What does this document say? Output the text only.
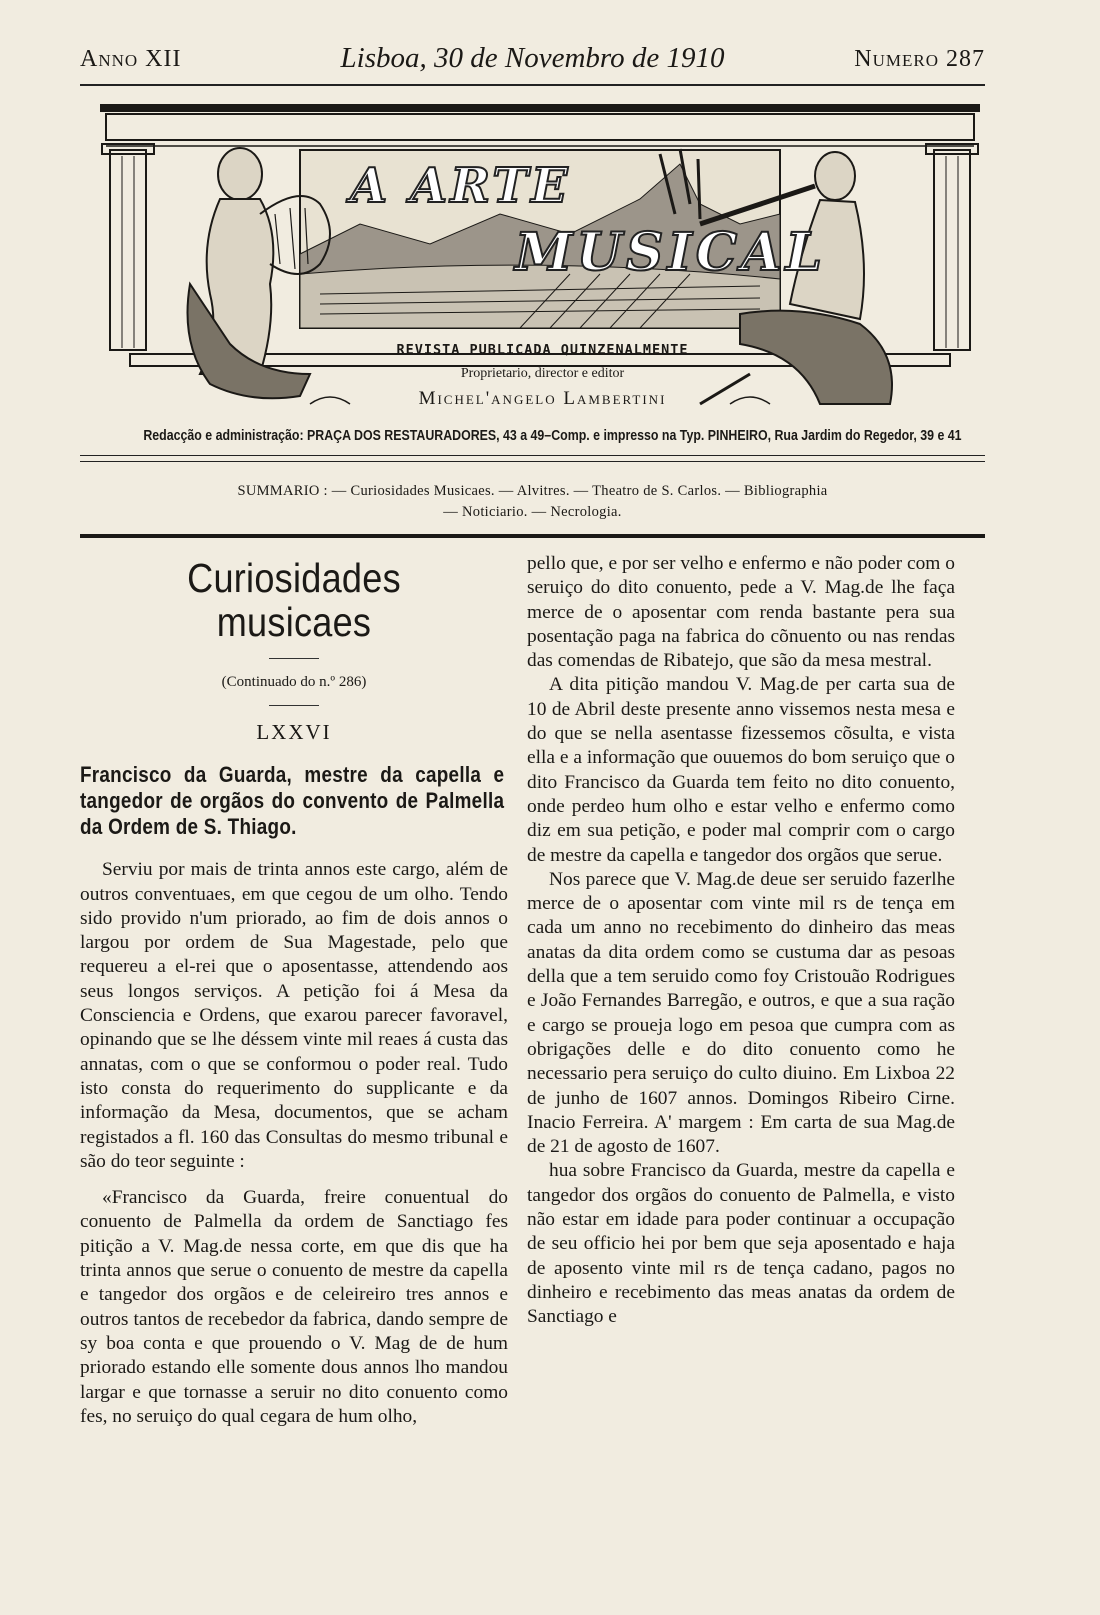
Anno XII	Lisboa, 30 de Novembro de 1910	Numero 287
A ARTE
MUSICAL
REVISTA PUBLICADA QUINZENALMENTE
Proprietario, director e editor
Michel'angelo Lambertini
Redacção e administração: PRAÇA DOS RESTAURADORES, 43 a 49–Comp. e impresso na Typ. PINHEIRO, Rua Jardim do Regedor, 39 e 41
SUMMARIO : — Curiosidades Musicaes. — Alvitres. — Theatro de S. Carlos. — Bibliographia
— Noticiario. — Necrologia.
Curiosidades musicaes
(Continuado do n.º 286)
LXXVI
Francisco da Guarda, mestre da capella e tangedor de orgãos do convento de Palmella da Ordem de S. Thiago.

Serviu por mais de trinta annos este cargo, além de outros conventuaes, em que cegou de um olho. Tendo sido provido n'um priorado, ao fim de dois annos o largou por ordem de Sua Magestade, pelo que requereu a el-rei que o aposentasse, attendendo aos seus longos serviços. A petição foi á Mesa da Consciencia e Ordens, que exarou parecer favoravel, opinando que se lhe déssem vinte mil reaes á custa das annatas, com o que se conformou o poder real. Tudo isto consta do requerimento do supplicante e da informação da Mesa, documentos, que se acham registados a fl. 160 das Consultas do mesmo tribunal e são do teor seguinte :

«Francisco da Guarda, freire conuentual do conuento de Palmella da ordem de Sanctiago fes pitição a V. Mag.de nessa corte, em que dis que ha trinta annos que serue o conuento de mestre da capella e tangedor dos orgãos e de celeireiro tres annos e outros tantos de recebedor da fabrica, dando sempre de sy boa conta e que prouendo o V. Mag de de hum priorado estando elle somente dous annos lho mandou largar e que tornasse a seruir no dito conuento como fes, no seruiço do qual cegara de hum olho,

pello que, e por ser velho e enfermo e não poder com o seruiço do dito conuento, pede a V. Mag.de lhe faça merce de o aposentar com renda bastante pera sua posentação paga na fabrica do cõnuento ou nas rendas das comendas de Ribatejo, que são da mesa mestral.

A dita pitição mandou V. Mag.de per carta sua de 10 de Abril deste presente anno vissemos nesta mesa e do que se nella asentasse fizessemos cõsulta, e vista ella e a informação que ouuemos do bom seruiço que o dito Francisco da Guarda tem feito no dito conuento, onde perdeo hum olho e estar velho e enfermo como diz em sua petição, e poder mal comprir com o cargo de mestre da capella e tangedor dos orgãos que serue.

Nos parece que V. Mag.de deue ser seruido fazerlhe merce de o aposentar com vinte mil rs de tença em cada um anno no recebimento do dinheiro das meas anatas da dita ordem como se custuma dar as pesoas della que a tem seruido como foy Cristouão Rodrigues e João Fernandes Barregão, e outros, e que a sua ração e cargo se proueja logo em pesoa que cumpra com as obrigações delle e do dito conuento como he necessario pera seruiço do culto diuino. Em Lixboa 22 de junho de 1607 annos. Domingos Ribeiro Cirne. Inacio Ferreira. A' margem : Em carta de sua Mag.de de 21 de agosto de 1607.

hua sobre Francisco da Guarda, mestre da capella e tangedor dos orgãos do conuento de Palmella, e visto não estar em idade para poder continuar a occupação de seu officio hei por bem que seja aposentado e haja de aposento vinte mil rs de tença cadano, pagos no dinheiro e recebimento das meas anatas da ordem de Sanctiago e
